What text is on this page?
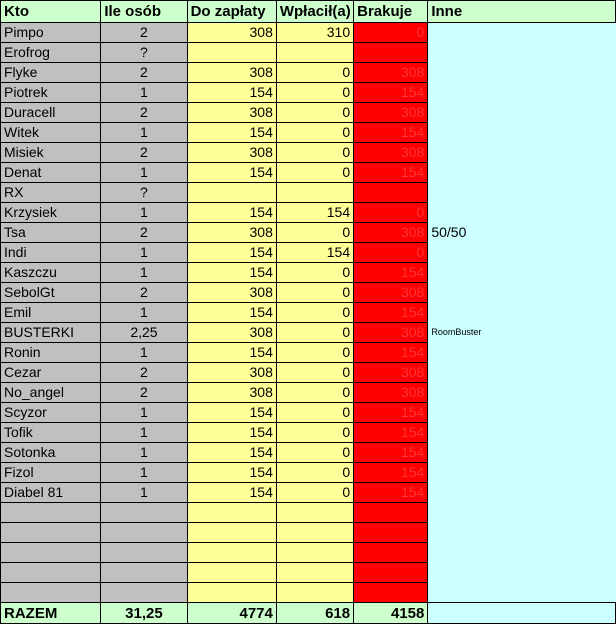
Kto	Ile osób	Do zapłaty	Wpłacił(a)	Brakuje	Inne
Pimpo	2	308	310	0	
Erofrog	?				
Flyke	2	308	0	308	
Piotrek	1	154	0	154	
Duracell	2	308	0	308	
Witek	1	154	0	154	
Misiek	2	308	0	308	
Denat	1	154	0	154	
RX	?				
Krzysiek	1	154	154	0	
Tsa	2	308	0	308	50/50
Indi	1	154	154	0	
Kaszczu	1	154	0	154	
SebolGt	2	308	0	308	
Emil	1	154	0	154	
BUSTERKI	2,25	308	0	308	RoomBuster
Ronin	1	154	0	154	
Cezar	2	308	0	308	
No_angel	2	308	0	308	
Scyzor	1	154	0	154	
Tofik	1	154	0	154	
Sotonka	1	154	0	154	
Fizol	1	154	0	154	
Diabel 81	1	154	0	154	

RAZEM	31,25	4774	618	4158	
